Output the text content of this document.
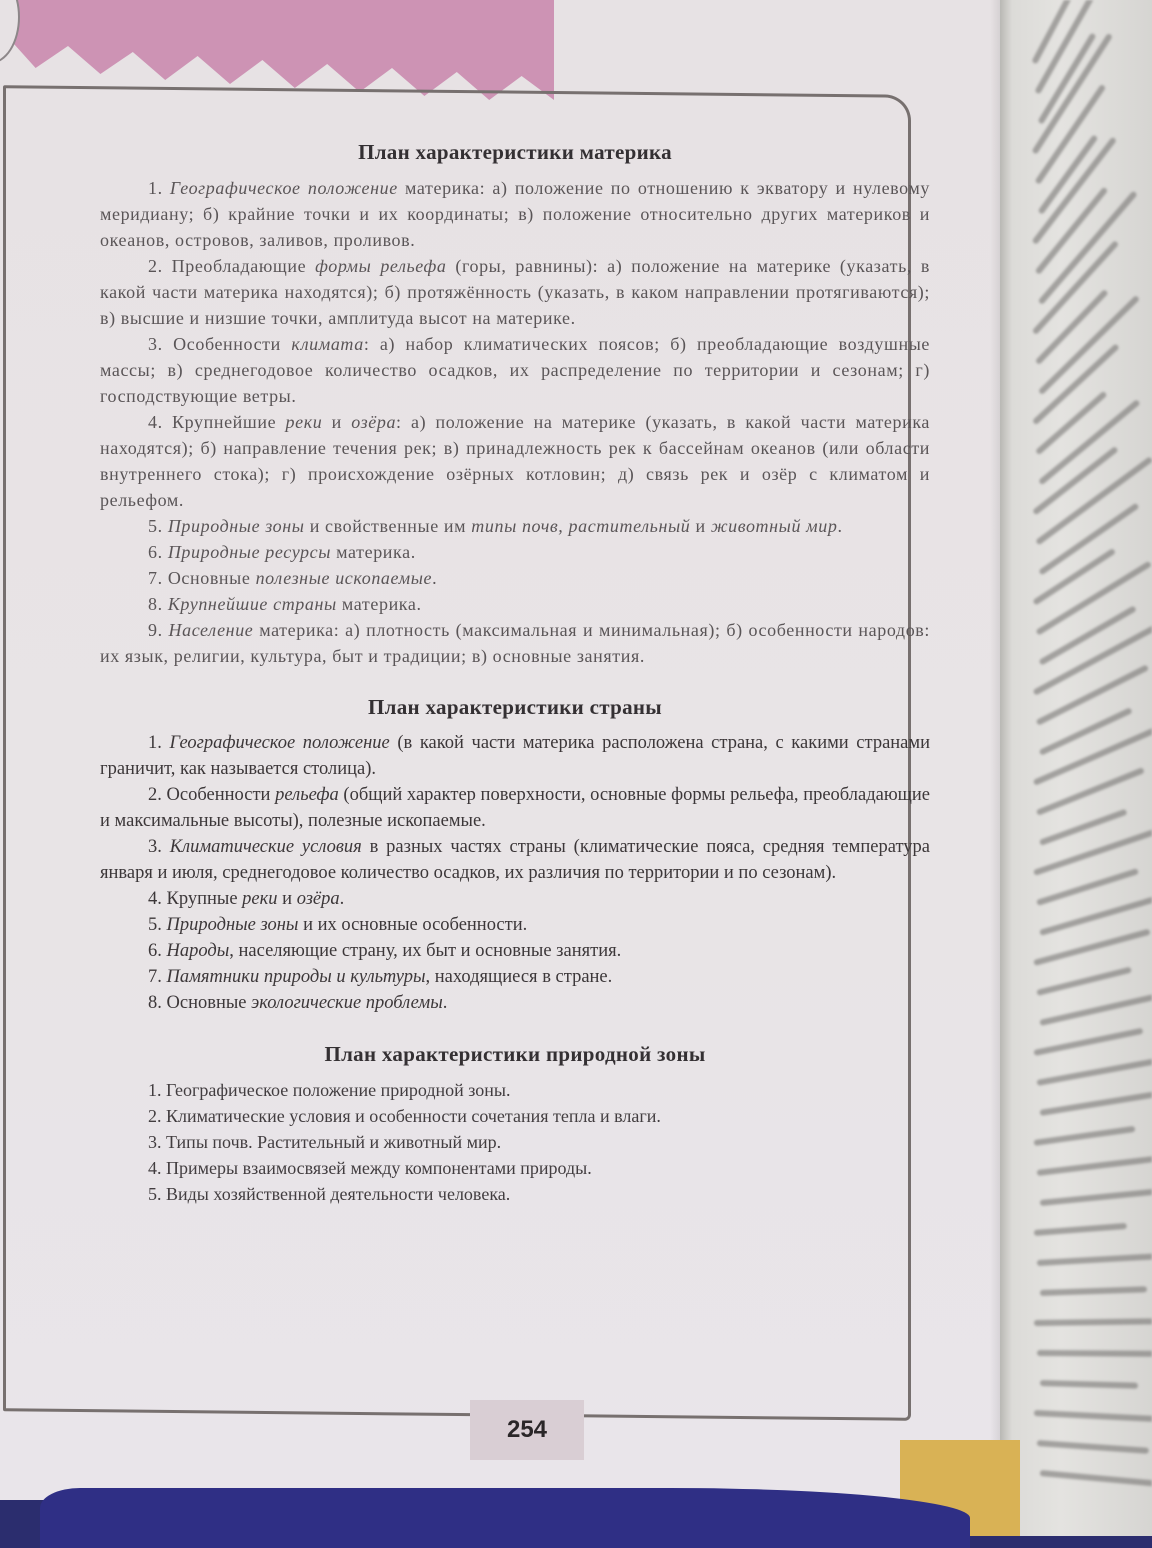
План характеристики материка

1. Географическое положение материка: а) положение по отношению к экватору и нулевому меридиану; б) крайние точки и их координаты; в) положение относительно других материков и океанов, островов, заливов, проливов.

2. Преобладающие формы рельефа (горы, равнины): а) положение на материке (указать, в какой части материка находятся); б) протяжённость (указать, в каком направлении протягиваются); в) высшие и низшие точки, амплитуда высот на материке.

3. Особенности климата: а) набор климатических поясов; б) преобладающие воздушные массы; в) среднегодовое количество осадков, их распределение по территории и сезонам; г) господствующие ветры.

4. Крупнейшие реки и озёра: а) положение на материке (указать, в какой части материка находятся); б) направление течения рек; в) принадлежность рек к бассейнам океанов (или области внутреннего стока); г) происхождение озёрных котловин; д) связь рек и озёр с климатом и рельефом.

5. Природные зоны и свойственные им типы почв, растительный и животный мир.

6. Природные ресурсы материка.

7. Основные полезные ископаемые.

8. Крупнейшие страны материка.

9. Население материка: а) плотность (максимальная и минимальная); б) особенности народов: их язык, религии, культура, быт и традиции; в) основные занятия.

План характеристики страны

1. Географическое положение (в какой части материка расположена страна, с какими странами граничит, как называется столица).

2. Особенности рельефа (общий характер поверхности, основные формы рельефа, преобладающие и максимальные высоты), полезные ископаемые.

3. Климатические условия в разных частях страны (климатические пояса, средняя температура января и июля, среднегодовое количество осадков, их различия по территории и по сезонам).

4. Крупные реки и озёра.

5. Природные зоны и их основные особенности.

6. Народы, населяющие страну, их быт и основные занятия.

7. Памятники природы и культуры, находящиеся в стране.

8. Основные экологические проблемы.

План характеристики природной зоны

1. Географическое положение природной зоны.

2. Климатические условия и особенности сочетания тепла и влаги.

3. Типы почв. Растительный и животный мир.

4. Примеры взаимосвязей между компонентами природы.

5. Виды хозяйственной деятельности человека.

254
